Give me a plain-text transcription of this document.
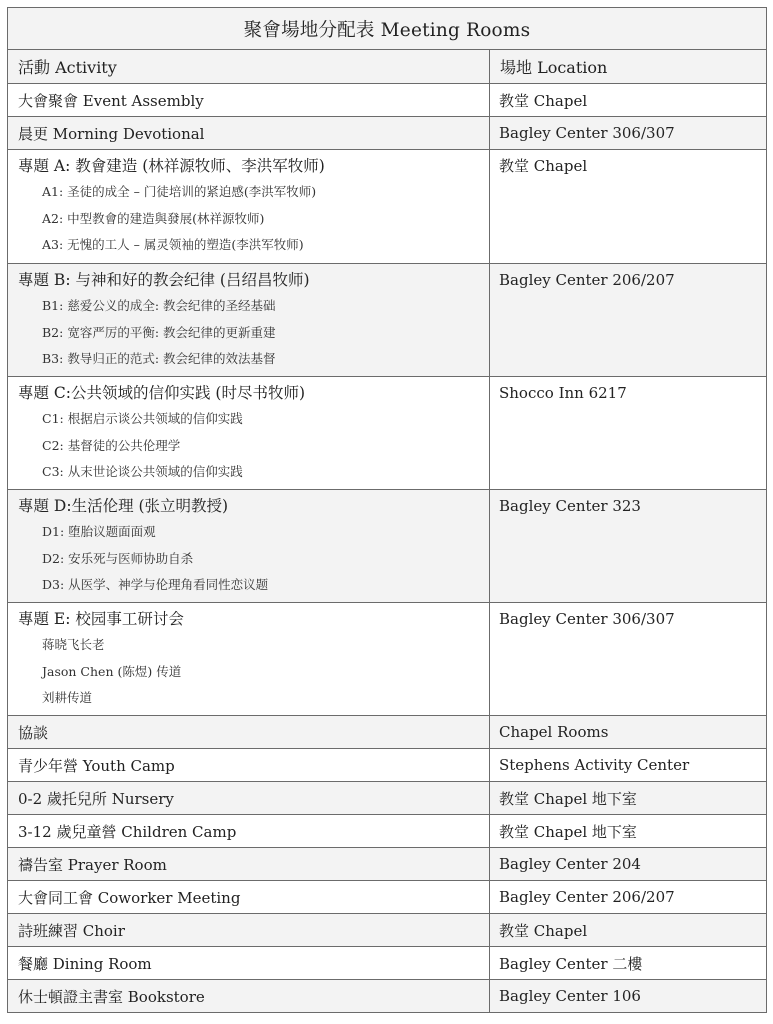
聚會場地分配表 Meeting Rooms	

活動 Activity	場地 Location

大會聚會 Event Assembly	教堂 Chapel
晨更 Morning Devotional	Bagley Center 306/307

專題 A: 教會建造 (林祥源牧师、李洪军牧师)
A1: 圣徒的成全 – 门徒培训的紧迫感(李洪军牧师)
A2: 中型教會的建造與發展(林祥源牧师)
A3: 无愧的工人 – 属灵领袖的塑造(李洪军牧师)	教堂 Chapel

專題 B: 与神和好的教会纪律 (吕绍昌牧师)
B1: 慈爱公义的成全: 教会纪律的圣经基础
B2: 宽容严厉的平衡: 教会纪律的更新重建
B3: 教导归正的范式: 教会纪律的效法基督	Bagley Center 206/207

專題 C:公共领域的信仰实践 (时尽书牧师)
C1: 根据启示谈公共领域的信仰实践
C2: 基督徒的公共伦理学
C3: 从末世论谈公共领域的信仰实践	Shocco Inn 6217

專題 D:生活伦理 (张立明教授)
D1: 堕胎议题面面观
D2: 安乐死与医师协助自杀
D3: 从医学、神学与伦理角看同性恋议题	Bagley Center 323

專題 E: 校园事工研讨会
蒋晓飞长老
Jason Chen (陈煜) 传道
刘耕传道	Bagley Center 306/307

協談	Chapel Rooms
青少年營 Youth Camp	Stephens Activity Center
0-2 歲托兒所 Nursery	教堂 Chapel 地下室
3-12 歲兒童營 Children Camp	教堂 Chapel 地下室
禱告室 Prayer Room	Bagley Center 204
大會同工會 Coworker Meeting	Bagley Center 206/207
詩班練習 Choir	教堂 Chapel
餐廳 Dining Room	Bagley Center 二樓
休士頓證主書室 Bookstore	Bagley Center 106
